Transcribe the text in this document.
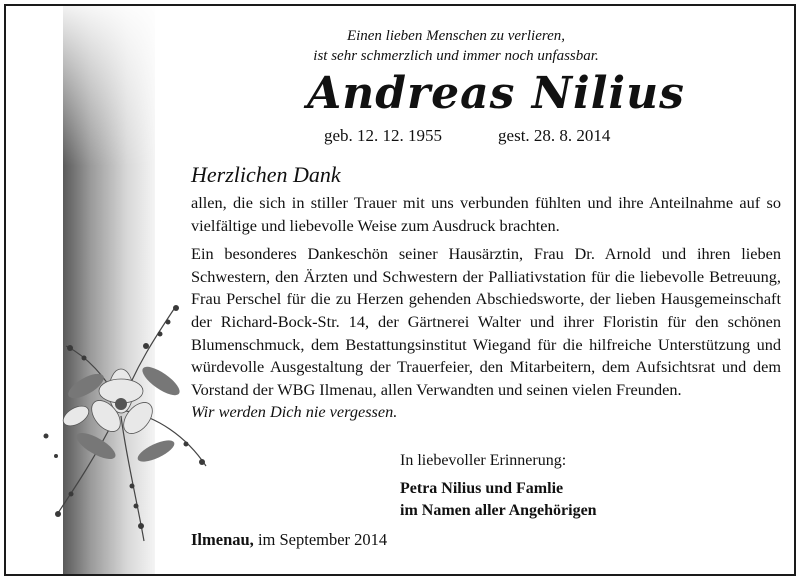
Einen lieben Menschen zu verlieren,
ist sehr schmerzlich und immer noch unfassbar.
Andreas Nilius
geb. 12. 12. 1955	gest. 28. 8. 2014
Herzlichen Dank

allen, die sich in stiller Trauer mit uns verbunden fühlten und ihre Anteilnahme auf so vielfältige und liebevolle Weise zum Ausdruck brachten.

Ein besonderes Dankeschön seiner Hausärztin, Frau Dr. Arnold und ihren lieben Schwestern, den Ärzten und Schwestern der Palliativstation für die liebevolle Betreuung, Frau Perschel für die zu Herzen gehenden Abschiedsworte, der lieben Hausgemeinschaft der Richard-Bock-Str. 14, der Gärtnerei Walter und ihrer Floristin für den schönen Blumenschmuck, dem Bestattungsinstitut Wiegand für die hilfreiche Unterstützung und würdevolle Ausgestaltung der Trauerfeier, den Mitarbeitern, dem Aufsichtsrat und dem Vorstand der WBG Ilmenau, allen Verwandten und seinen vielen Freunden.

Wir werden Dich nie vergessen.

In liebevoller Erinnerung:
Petra Nilius und Famlie
im Namen aller Angehörigen
Ilmenau, im September 2014
